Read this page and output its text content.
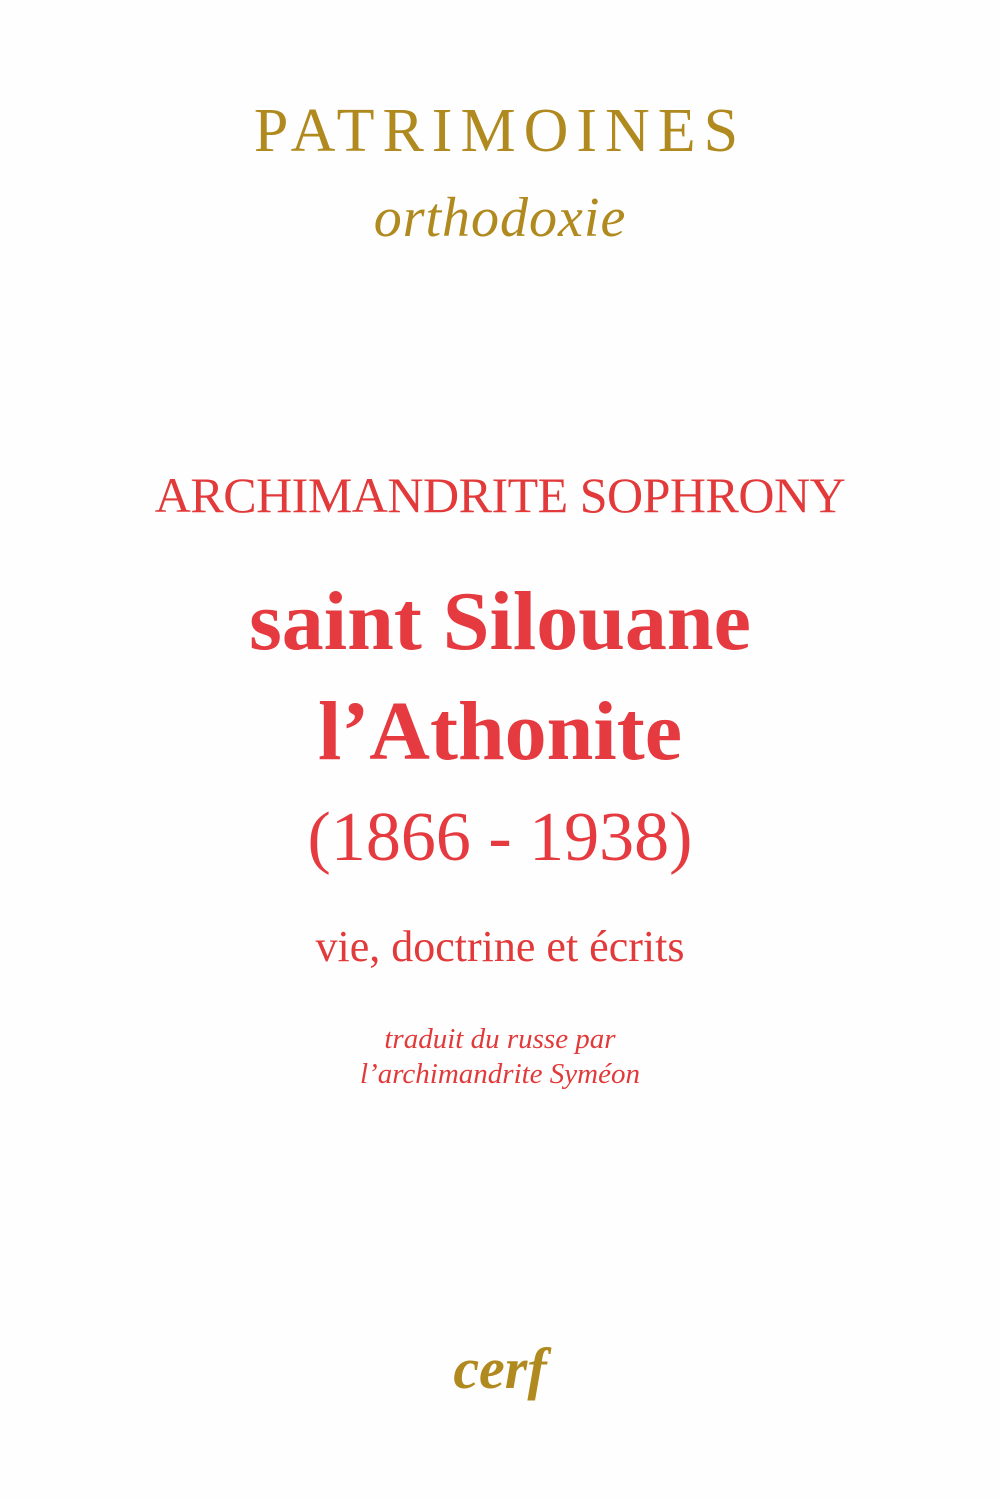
PATRIMOINES
orthodoxie
ARCHIMANDRITE SOPHRONY
saint Silouane
l’Athonite
(1866 - 1938)
vie, doctrine et écrits
traduit du russe par
l’archimandrite Syméon
cerf
